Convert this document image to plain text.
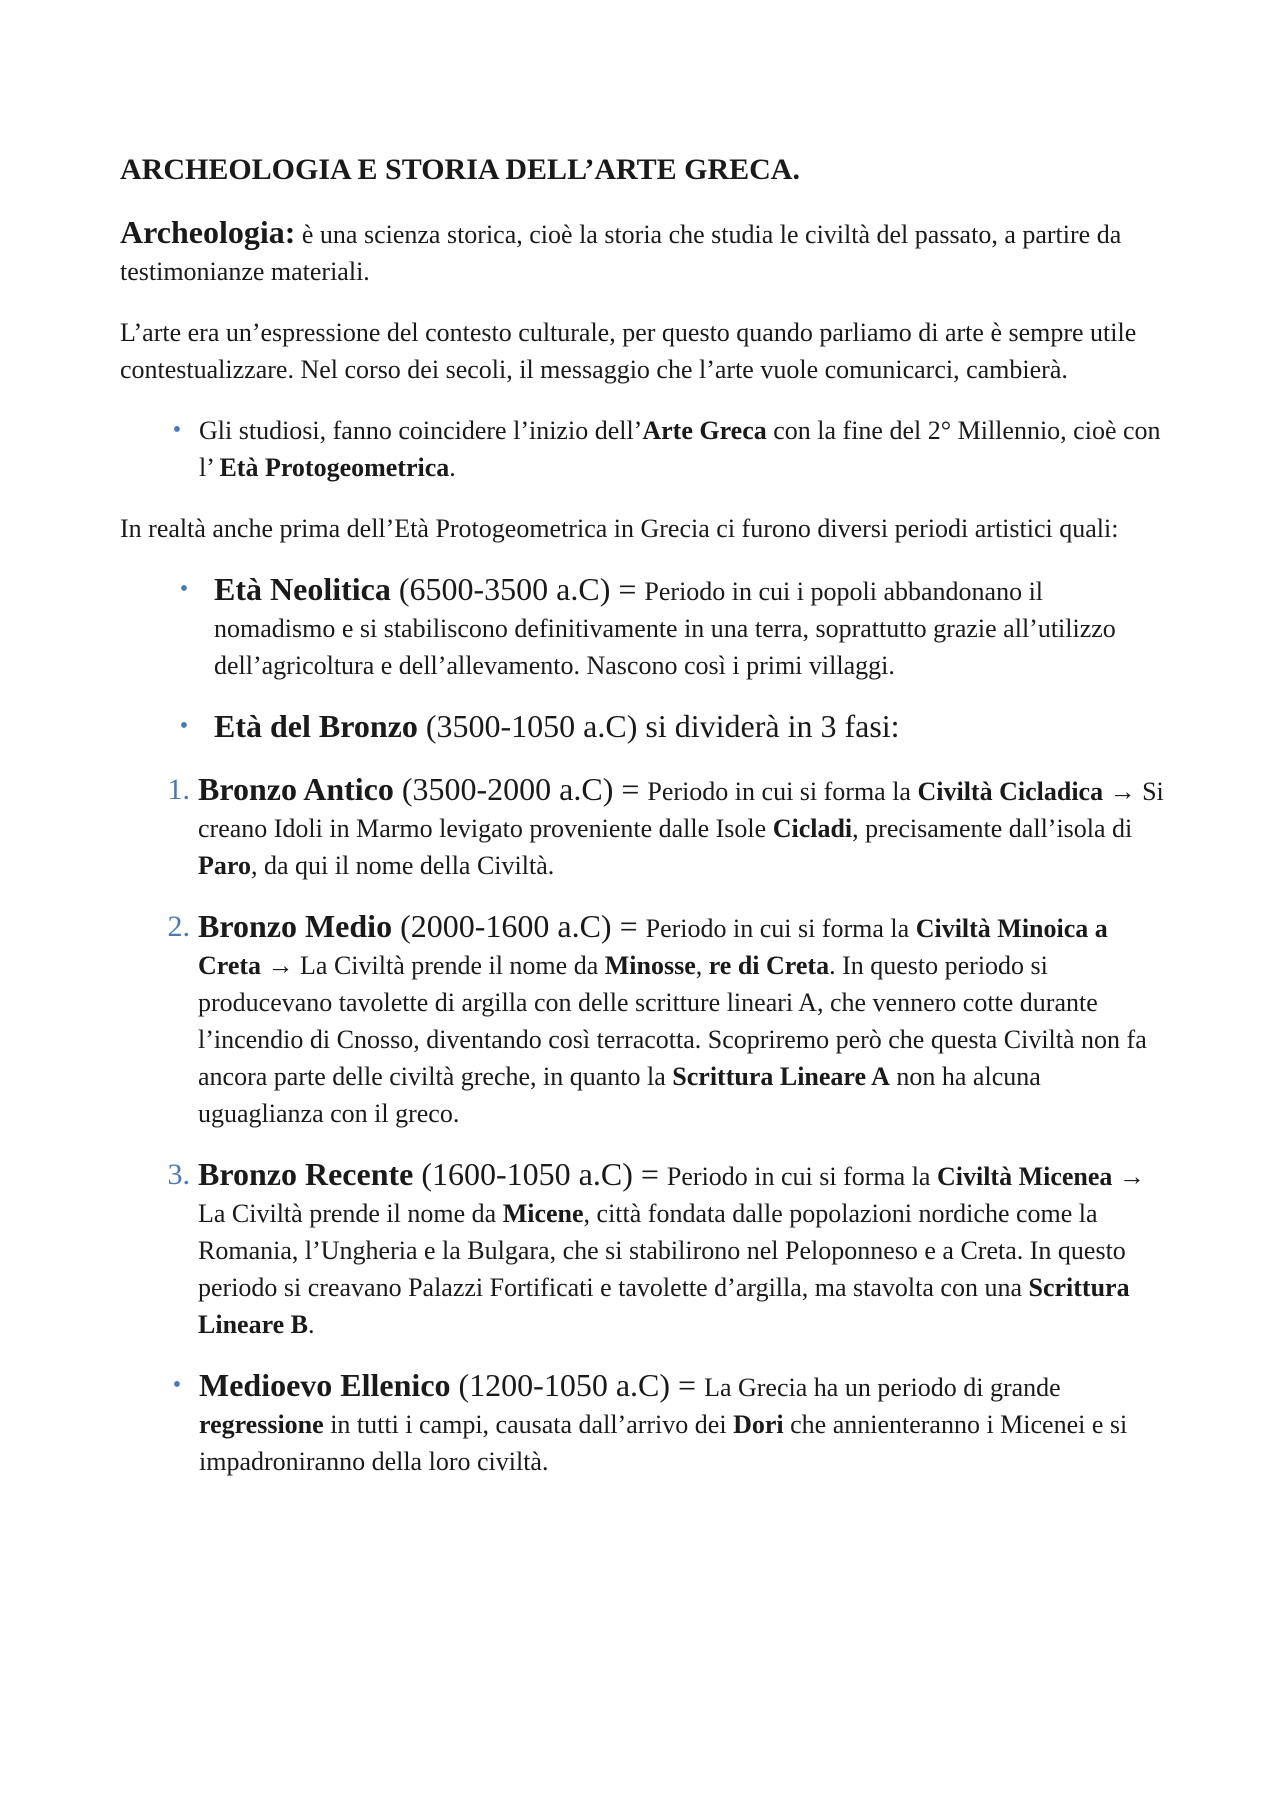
ARCHEOLOGIA E STORIA DELL’ARTE GRECA.

Archeologia: è una scienza storica, cioè la storia che studia le civiltà del passato, a partire da testimonianze materiali.

L’arte era un’espressione del contesto culturale, per questo quando parliamo di arte è sempre utile contestualizzare. Nel corso dei secoli, il messaggio che l’arte vuole comunicarci, cambierà.

• Gli studiosi, fanno coincidere l’inizio dell’Arte Greca con la fine del 2° Millennio, cioè con l’ Età Protogeometrica.

In realtà anche prima dell’Età Protogeometrica in Grecia ci furono diversi periodi artistici quali:

• Età Neolitica (6500-3500 a.C) = Periodo in cui i popoli abbandonano il nomadismo e si stabiliscono definitivamente in una terra, soprattutto grazie all’utilizzo dell’agricoltura e dell’allevamento. Nascono così i primi villaggi.
• Età del Bronzo (3500-1050 a.C) si dividerà in 3 fasi:
1. Bronzo Antico (3500-2000 a.C) = Periodo in cui si forma la Civiltà Cicladica → Si creano Idoli in Marmo levigato proveniente dalle Isole Cicladi, precisamente dall’isola di Paro, da qui il nome della Civiltà.
2. Bronzo Medio (2000-1600 a.C) = Periodo in cui si forma la Civiltà Minoica a Creta → La Civiltà prende il nome da Minosse, re di Creta. In questo periodo si producevano tavolette di argilla con delle scritture lineari A, che vennero cotte durante l’incendio di Cnosso, diventando così terracotta. Scopriremo però che questa Civiltà non fa ancora parte delle civiltà greche, in quanto la Scrittura Lineare A non ha alcuna uguaglianza con il greco.
3. Bronzo Recente (1600-1050 a.C) = Periodo in cui si forma la Civiltà Micenea → La Civiltà prende il nome da Micene, città fondata dalle popolazioni nordiche come la Romania, l’Ungheria e la Bulgara, che si stabilirono nel Peloponneso e a Creta. In questo periodo si creavano Palazzi Fortificati e tavolette d’argilla, ma stavolta con una Scrittura Lineare B.
• Medioevo Ellenico (1200-1050 a.C) = La Grecia ha un periodo di grande regressione in tutti i campi, causata dall’arrivo dei Dori che annienteranno i Micenei e si impadroniranno della loro civiltà.
